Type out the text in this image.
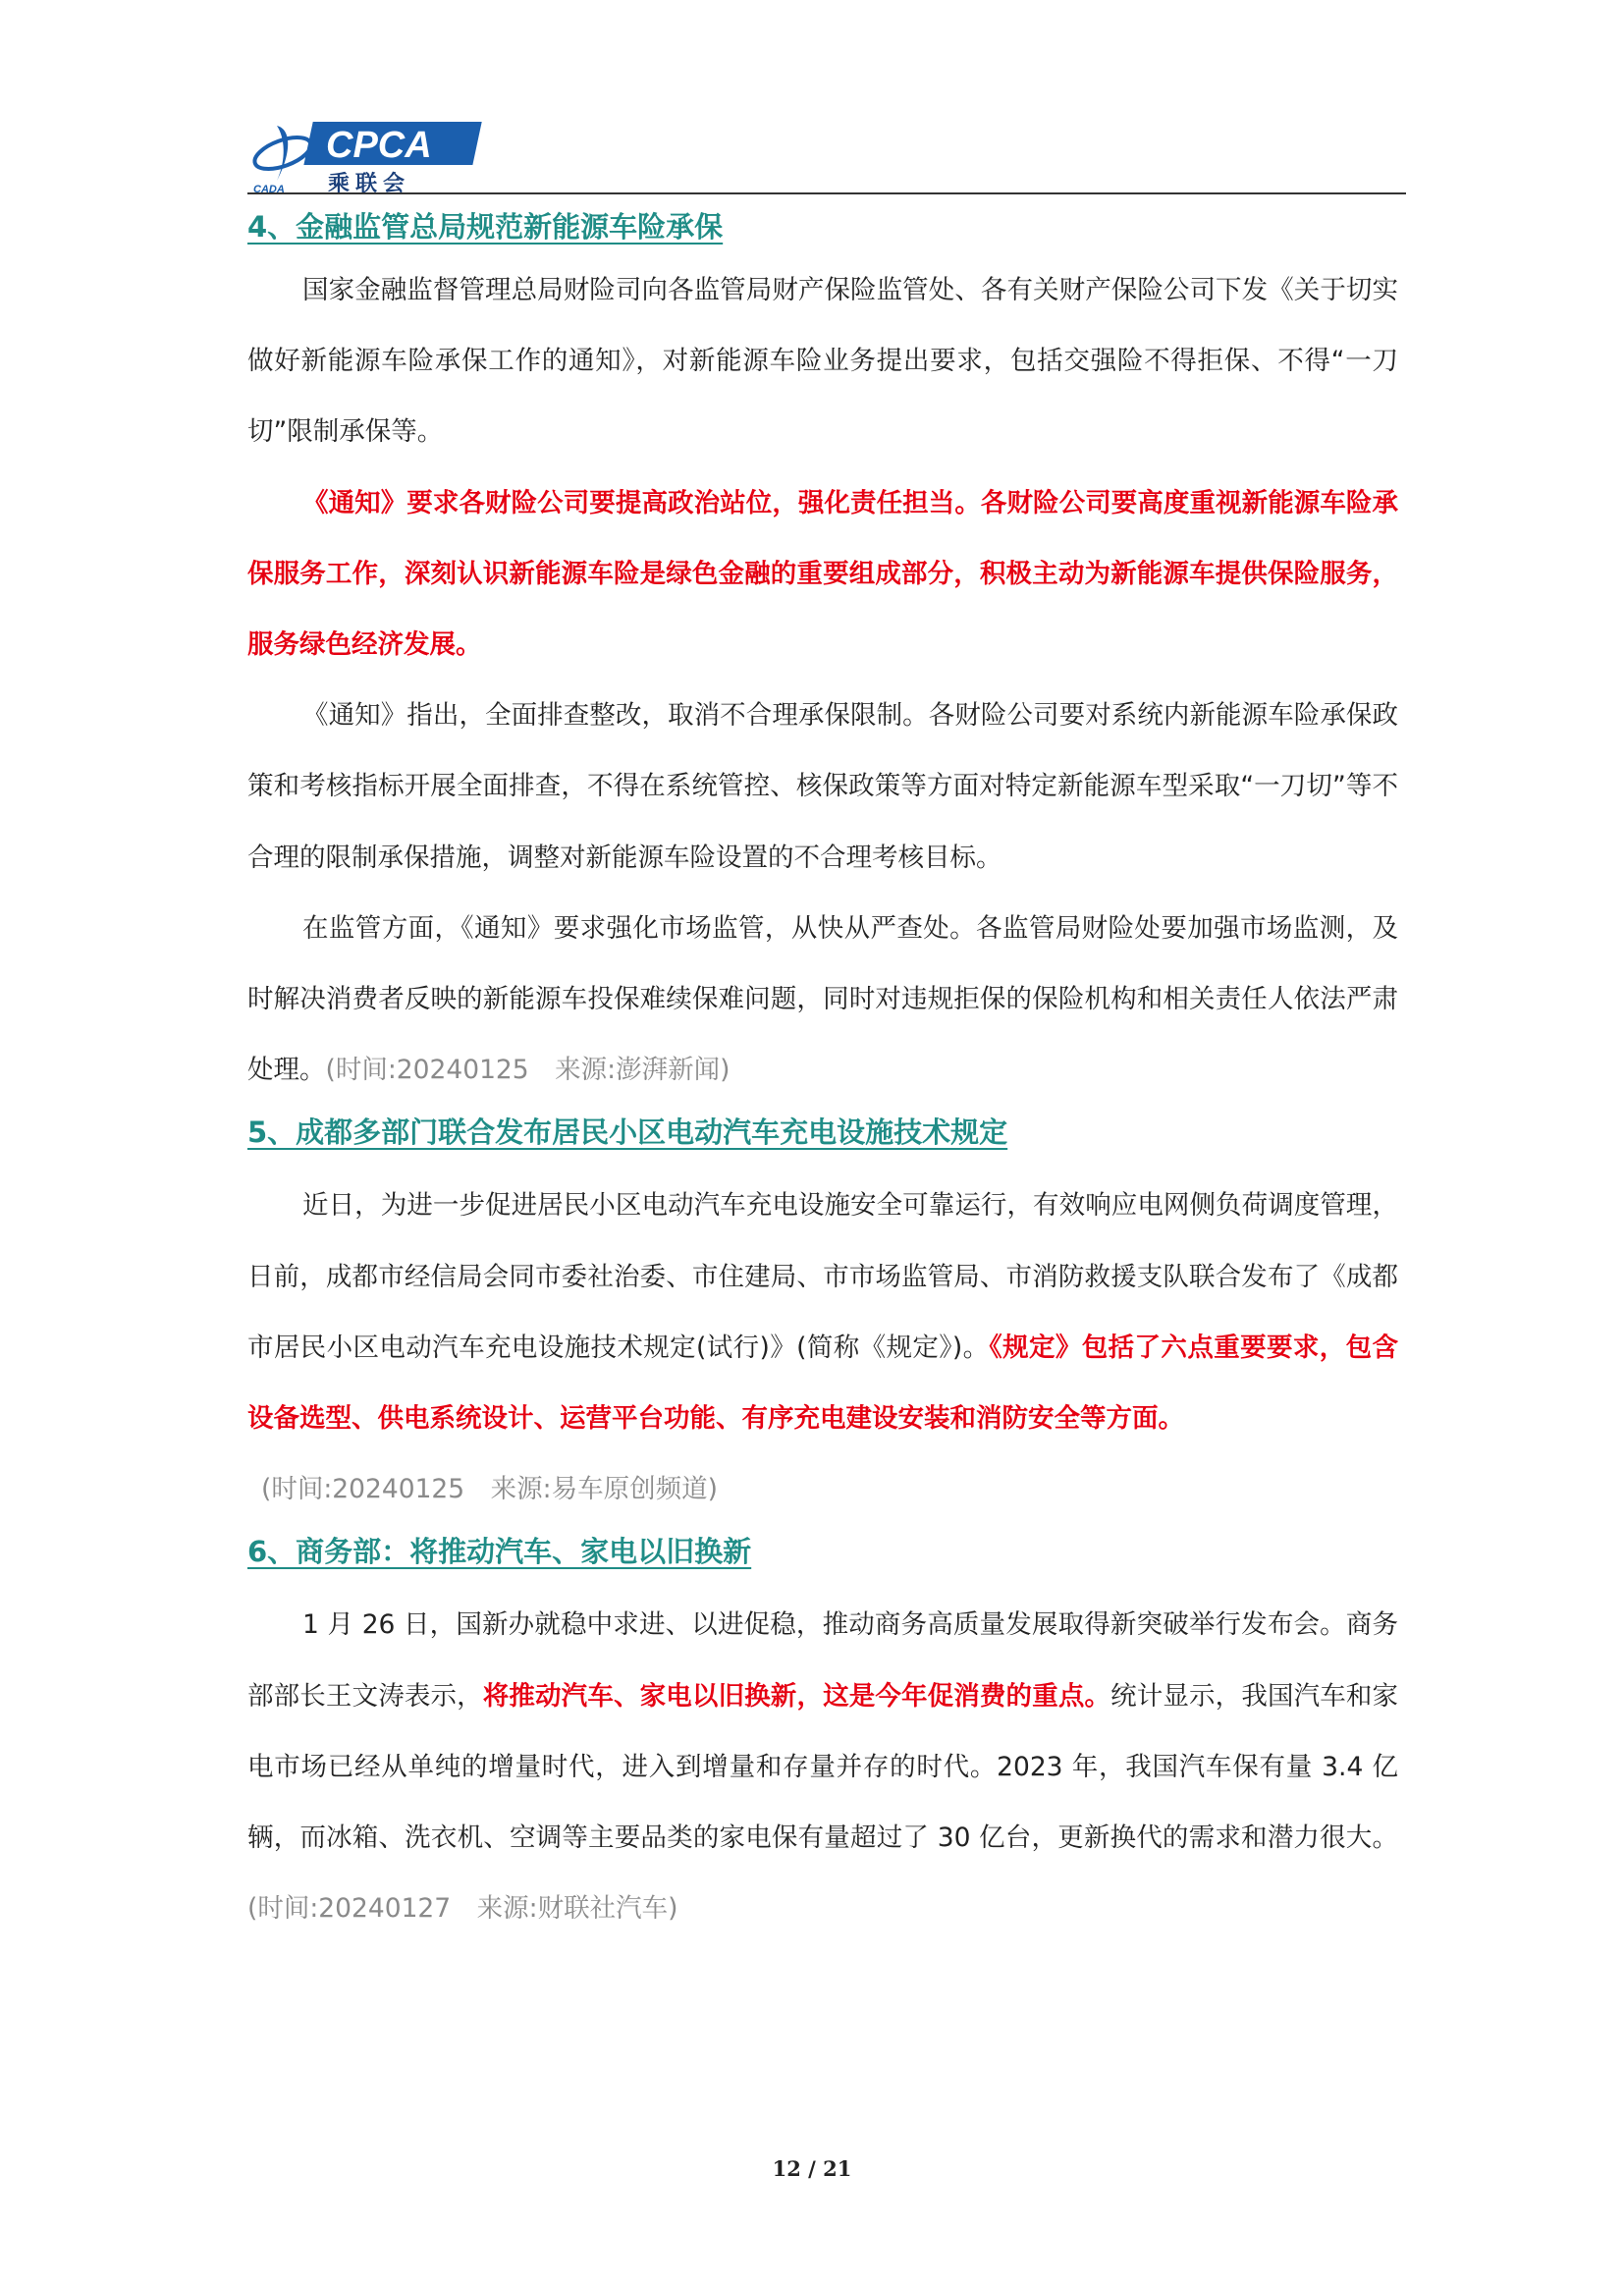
CADA
CPCA
乘联会
4、金融监管总局规范新能源车险承保

国家金融监督管理总局财险司向各监管局财产保险监管处、各有关财产保险公司下发《关于切实做好新能源车险承保工作的通知》，对新能源车险业务提出要求，包括交强险不得拒保、不得“一刀切”限制承保等。

《通知》要求各财险公司要提高政治站位，强化责任担当。各财险公司要高度重视新能源车险承保服务工作，深刻认识新能源车险是绿色金融的重要组成部分，积极主动为新能源车提供保险服务，服务绿色经济发展。

《通知》指出，全面排查整改，取消不合理承保限制。各财险公司要对系统内新能源车险承保政策和考核指标开展全面排查，不得在系统管控、核保政策等方面对特定新能源车型采取“一刀切”等不合理的限制承保措施，调整对新能源车险设置的不合理考核目标。

在监管方面，《通知》要求强化市场监管，从快从严查处。各监管局财险处要加强市场监测，及时解决消费者反映的新能源车投保难续保难问题，同时对违规拒保的保险机构和相关责任人依法严肃处理。(时间:20240125　来源:澎湃新闻)

5、成都多部门联合发布居民小区电动汽车充电设施技术规定

近日，为进一步促进居民小区电动汽车充电设施安全可靠运行，有效响应电网侧负荷调度管理，日前，成都市经信局会同市委社治委、市住建局、市市场监管局、市消防救援支队联合发布了《成都市居民小区电动汽车充电设施技术规定(试行)》(简称《规定》)。《规定》包括了六点重要要求，包含设备选型、供电系统设计、运营平台功能、有序充电建设安装和消防安全等方面。

(时间:20240125　来源:易车原创频道)

6、商务部：将推动汽车、家电以旧换新

1 月 26 日，国新办就稳中求进、以进促稳，推动商务高质量发展取得新突破举行发布会。商务部部长王文涛表示，将推动汽车、家电以旧换新，这是今年促消费的重点。统计显示，我国汽车和家电市场已经从单纯的增量时代，进入到增量和存量并存的时代。2023 年，我国汽车保有量 3.4 亿辆，而冰箱、洗衣机、空调等主要品类的家电保有量超过了 30 亿台，更新换代的需求和潜力很大。(时间:20240127　来源:财联社汽车)

12 / 21
